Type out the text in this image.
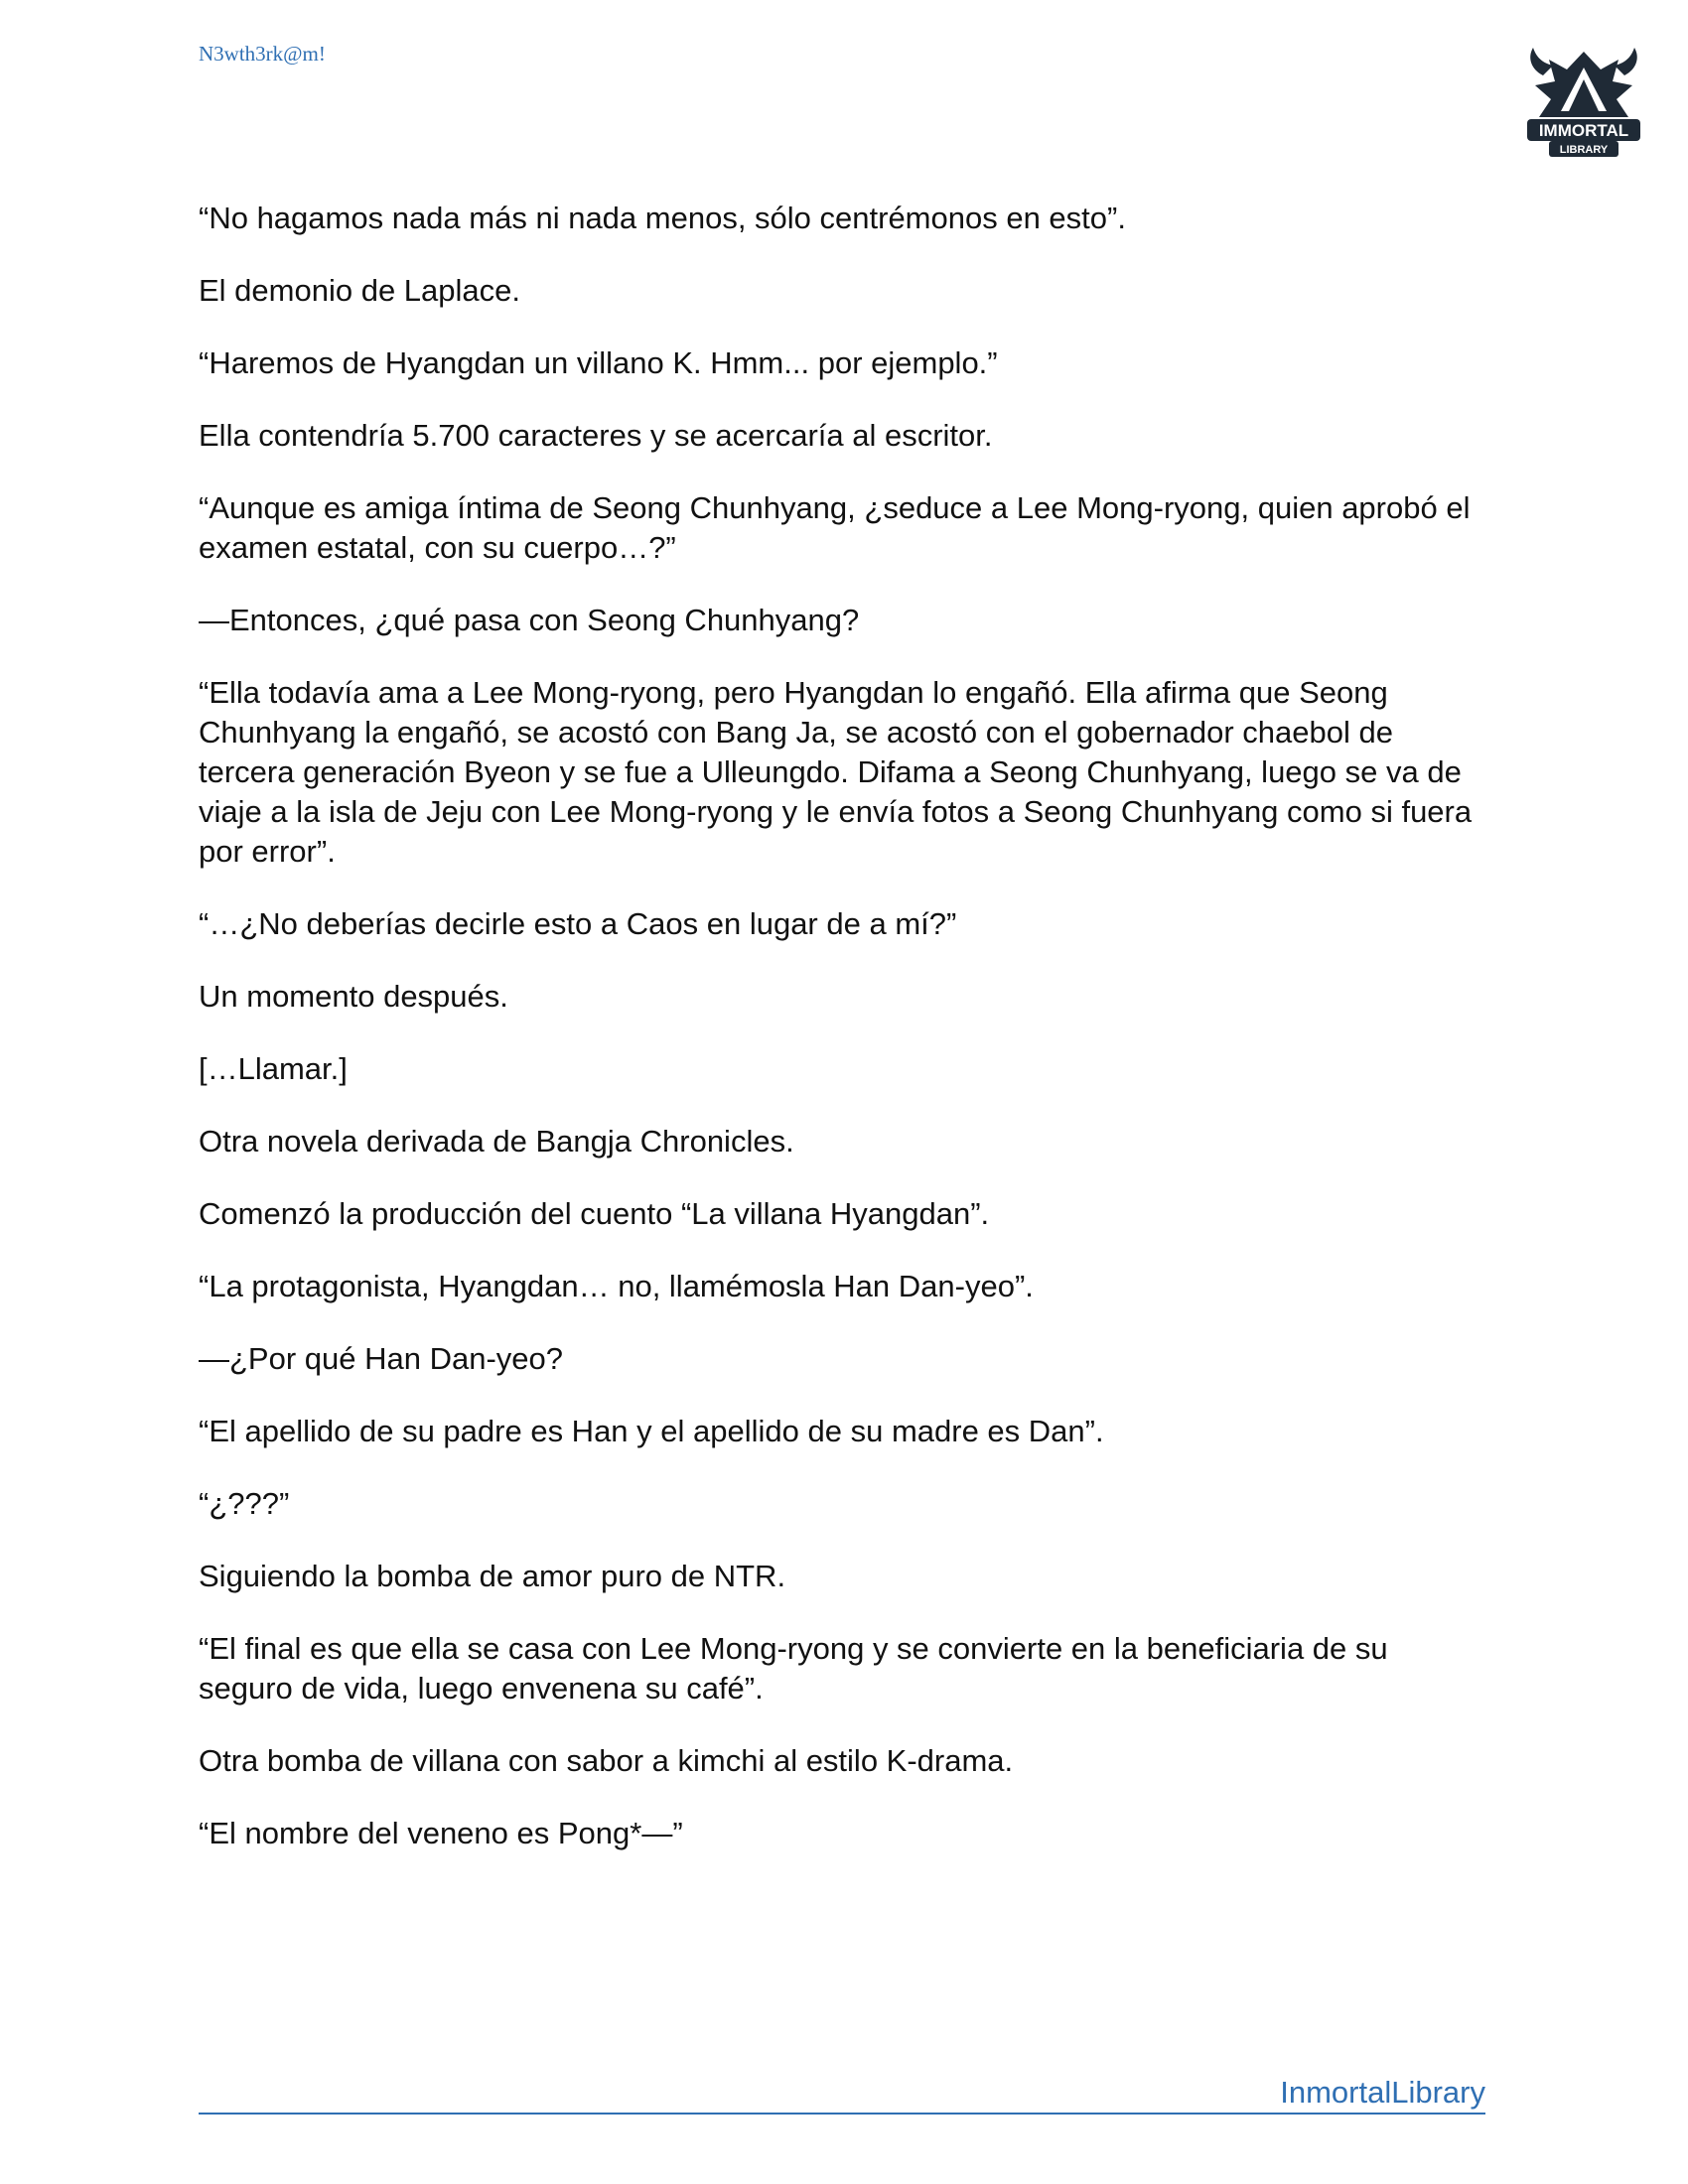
N3wth3rk@m!
IMMORTAL
LIBRARY

“No hagamos nada más ni nada menos, sólo centrémonos en esto”.

El demonio de Laplace.

“Haremos de Hyangdan un villano K. Hmm... por ejemplo.”

Ella contendría 5.700 caracteres y se acercaría al escritor.

“Aunque es amiga íntima de Seong Chunhyang, ¿seduce a Lee Mong-ryong, quien aprobó el examen estatal, con su cuerpo…?”

—Entonces, ¿qué pasa con Seong Chunhyang?

“Ella todavía ama a Lee Mong-ryong, pero Hyangdan lo engañó. Ella afirma que Seong Chunhyang la engañó, se acostó con Bang Ja, se acostó con el gobernador chaebol de tercera generación Byeon y se fue a Ulleungdo. Difama a Seong Chunhyang, luego se va de viaje a la isla de Jeju con Lee Mong-ryong y le envía fotos a Seong Chunhyang como si fuera por error”.

“…¿No deberías decirle esto a Caos en lugar de a mí?”

Un momento después.

[…Llamar.]

Otra novela derivada de Bangja Chronicles.

Comenzó la producción del cuento “La villana Hyangdan”.

“La protagonista, Hyangdan… no, llamémosla Han Dan-yeo”.

—¿Por qué Han Dan-yeo?

“El apellido de su padre es Han y el apellido de su madre es Dan”.

“¿???”

Siguiendo la bomba de amor puro de NTR.

“El final es que ella se casa con Lee Mong-ryong y se convierte en la beneficiaria de su seguro de vida, luego envenena su café”.

Otra bomba de villana con sabor a kimchi al estilo K-drama.

“El nombre del veneno es Pong*—”

InmortalLibrary
